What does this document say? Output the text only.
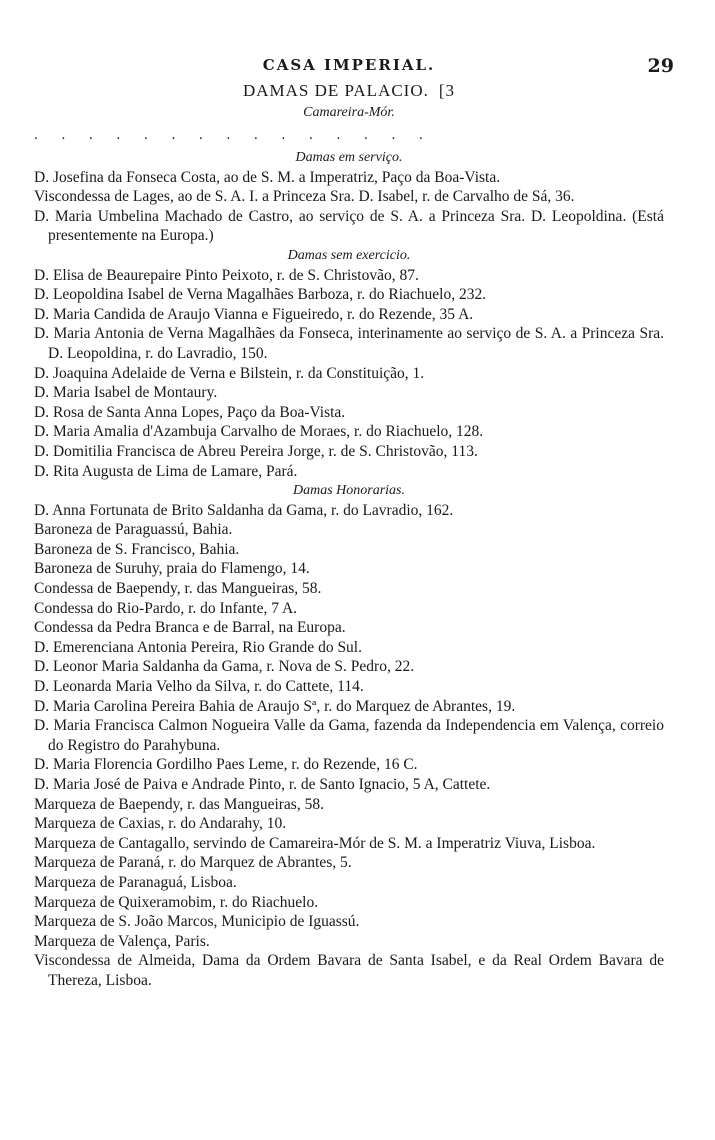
CASA IMPERIAL.	29
DAMAS DE PALACIO. [3
Camareira-Mór.
. . . . . . . . . . . . . . .
Damas em serviço.
D. Josefina da Fonseca Costa, ao de S. M. a Imperatriz, Paço da Boa-Vista.
Viscondessa de Lages, ao de S. A. I. a Princeza Sra. D. Isabel, r. de Carvalho de Sá, 36.
D. Maria Umbelina Machado de Castro, ao serviço de S. A. a Princeza Sra. D. Leopoldina. (Está presentemente na Europa.)
Damas sem exercicio.
D. Elisa de Beaurepaire Pinto Peixoto, r. de S. Christovão, 87.
D. Leopoldina Isabel de Verna Magalhães Barboza, r. do Riachuelo, 232.
D. Maria Candida de Araujo Vianna e Figueiredo, r. do Rezende, 35 A.
D. Maria Antonia de Verna Magalhães da Fonseca, interinamente ao serviço de S. A. a Princeza Sra. D. Leopoldina, r. do Lavradio, 150.
D. Joaquina Adelaide de Verna e Bilstein, r. da Constituição, 1.
D. Maria Isabel de Montaury.
D. Rosa de Santa Anna Lopes, Paço da Boa-Vista.
D. Maria Amalia d'Azambuja Carvalho de Moraes, r. do Riachuelo, 128.
D. Domitilia Francisca de Abreu Pereira Jorge, r. de S. Christovão, 113.
D. Rita Augusta de Lima de Lamare, Pará.
Damas Honorarias.
D. Anna Fortunata de Brito Saldanha da Gama, r. do Lavradio, 162.
Baroneza de Paraguassú, Bahia.
Baroneza de S. Francisco, Bahia.
Baroneza de Suruhy, praia do Flamengo, 14.
Condessa de Baependy, r. das Mangueiras, 58.
Condessa do Rio-Pardo, r. do Infante, 7 A.
Condessa da Pedra Branca e de Barral, na Europa.
D. Emerenciana Antonia Pereira, Rio Grande do Sul.
D. Leonor Maria Saldanha da Gama, r. Nova de S. Pedro, 22.
D. Leonarda Maria Velho da Silva, r. do Cattete, 114.
D. Maria Carolina Pereira Bahia de Araujo Sª, r. do Marquez de Abrantes, 19.
D. Maria Francisca Calmon Nogueira Valle da Gama, fazenda da Independencia em Valença, correio do Registro do Parahybuna.
D. Maria Florencia Gordilho Paes Leme, r. do Rezende, 16 C.
D. Maria José de Paiva e Andrade Pinto, r. de Santo Ignacio, 5 A, Cattete.
Marqueza de Baependy, r. das Mangueiras, 58.
Marqueza de Caxias, r. do Andarahy, 10.
Marqueza de Cantagallo, servindo de Camareira-Mór de S. M. a Imperatriz Viuva, Lisboa.
Marqueza de Paraná, r. do Marquez de Abrantes, 5.
Marqueza de Paranaguá, Lisboa.
Marqueza de Quixeramobim, r. do Riachuelo.
Marqueza de S. João Marcos, Municipio de Iguassú.
Marqueza de Valença, Paris.
Viscondessa de Almeida, Dama da Ordem Bavara de Santa Isabel, e da Real Ordem Bavara de Thereza, Lisboa.
